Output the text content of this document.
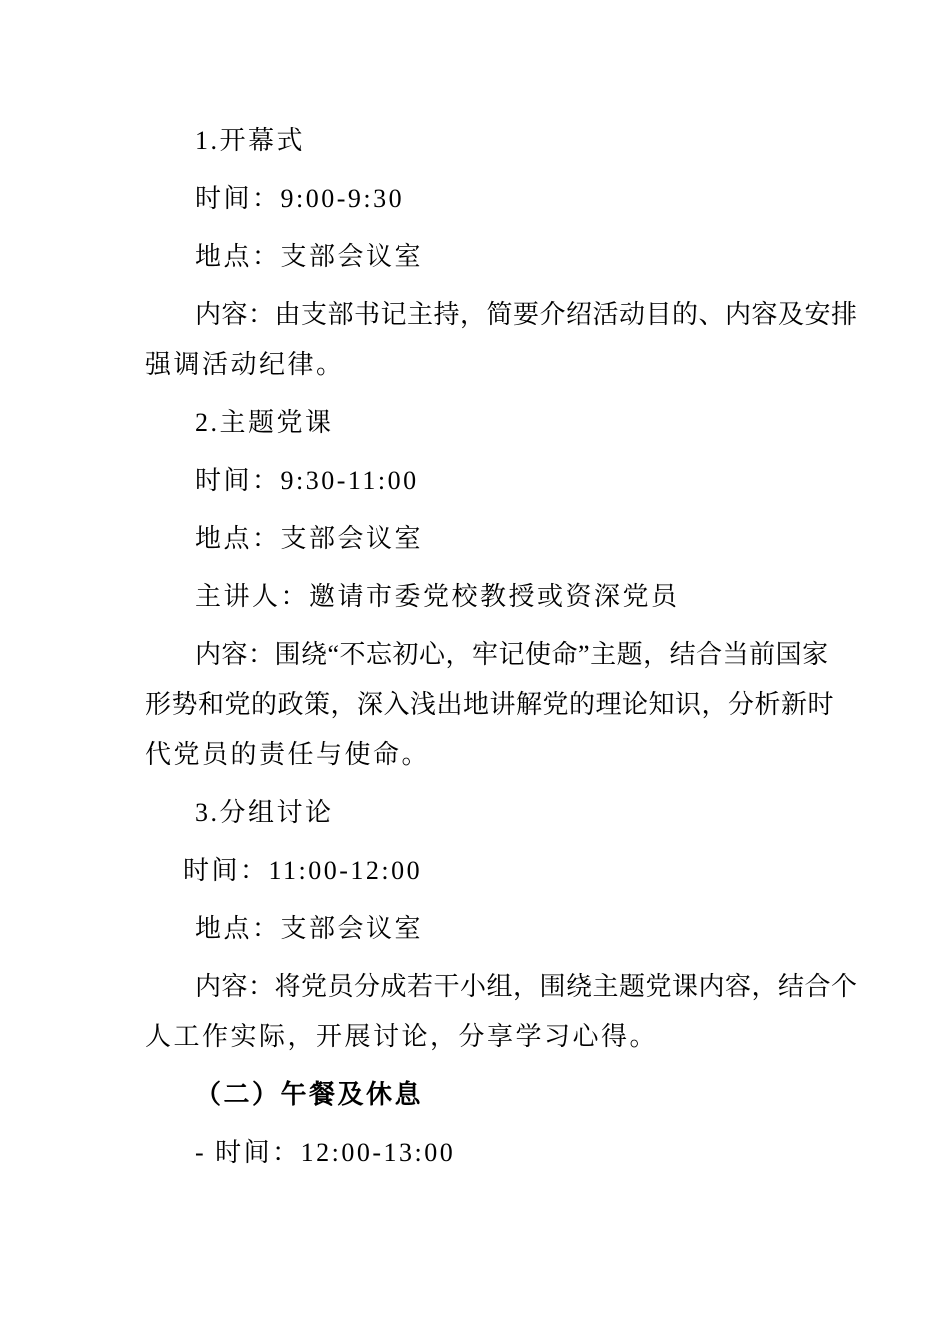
1.开幕式
时间：9:00-9:30
地点：支部会议室
内容：由支部书记主持，简要介绍活动目的、内容及安排
强调活动纪律。
2.主题党课
时间：9:30-11:00
地点：支部会议室
主讲人：邀请市委党校教授或资深党员
内容：围绕“不忘初心，牢记使命”主题，结合当前国家
形势和党的政策，深入浅出地讲解党的理论知识，分析新时
代党员的责任与使命。
3.分组讨论
时间：11:00-12:00
地点：支部会议室
内容：将党员分成若干小组，围绕主题党课内容，结合个
人工作实际，开展讨论，分享学习心得。
（二）午餐及休息
- 时间：12:00-13:00
